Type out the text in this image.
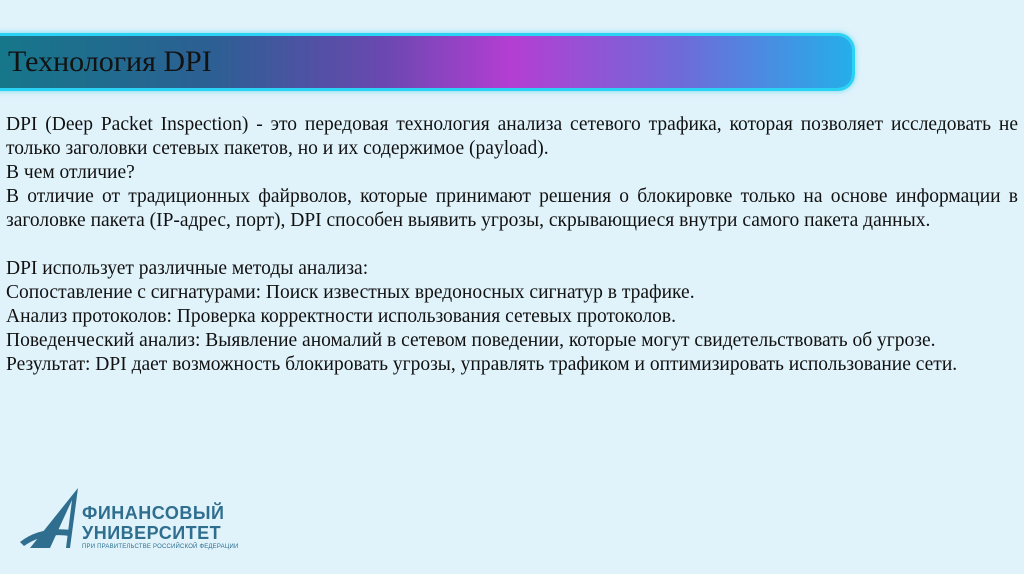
Технология DPI

DPI (Deep Packet Inspection) - это передовая технология анализа сетевого трафика, которая позволяет исследовать не только заголовки сетевых пакетов, но и их содержимое (payload).

В чем отличие?

В отличие от традиционных файрволов, которые принимают решения о блокировке только на основе информации в заголовке пакета (IP-адрес, порт), DPI способен выявить угрозы, скрывающиеся внутри самого пакета данных.

DPI использует различные методы анализа:

Сопоставление с сигнатурами: Поиск известных вредоносных сигнатур в трафике.

Анализ протоколов: Проверка корректности использования сетевых протоколов.

Поведенческий анализ: Выявление аномалий в сетевом поведении, которые могут свидетельствовать об угрозе.

Результат: DPI дает возможность блокировать угрозы, управлять трафиком и оптимизировать использование сети.

ФИНАНСОВЫЙ
УНИВЕРСИТЕТ
ПРИ ПРАВИТЕЛЬСТВЕ РОССИЙСКОЙ ФЕДЕРАЦИИ
